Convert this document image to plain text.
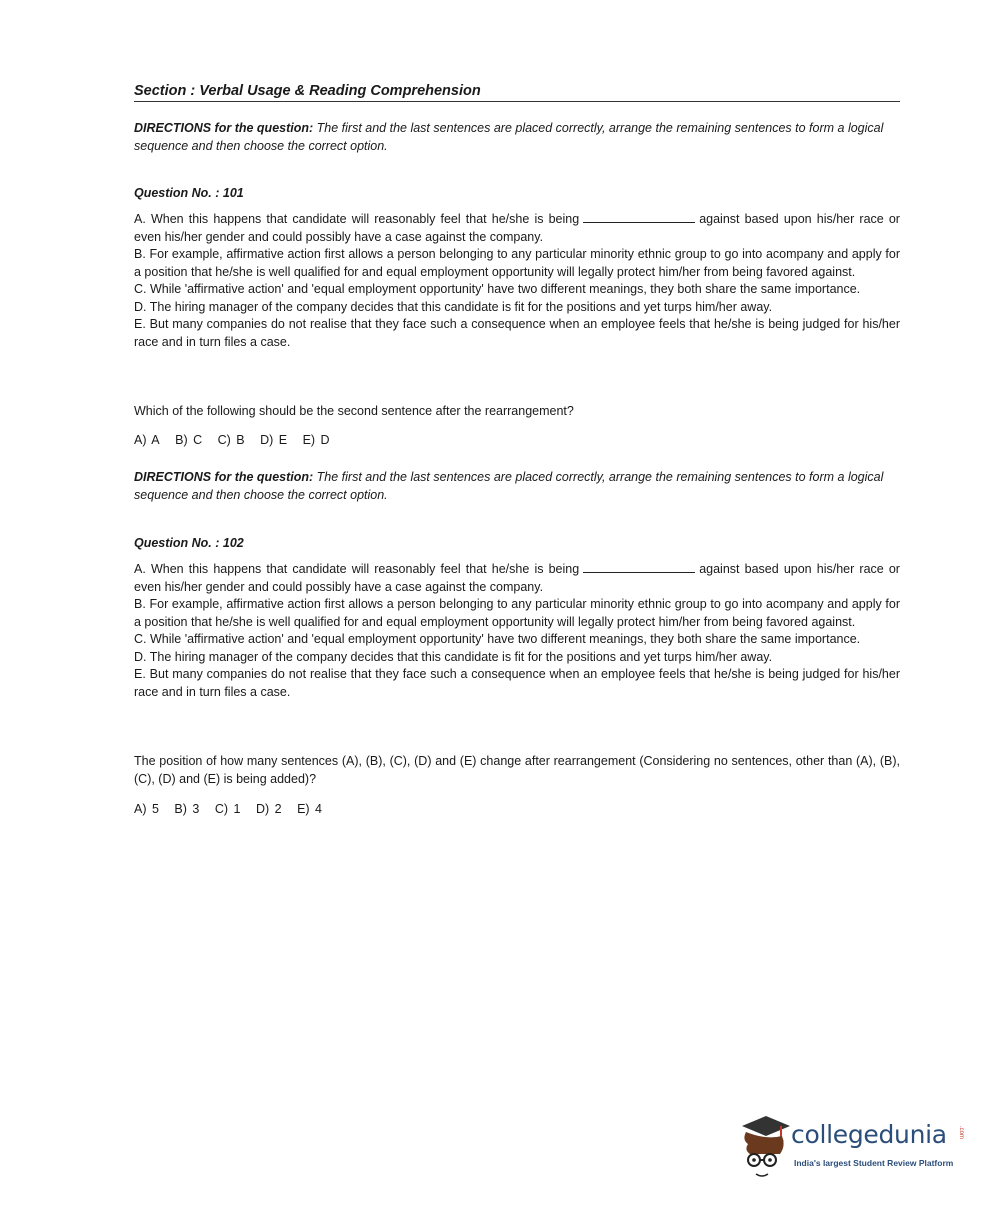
Section : Verbal Usage & Reading Comprehension
DIRECTIONS for the question: The first and the last sentences are placed correctly, arrange the remaining sentences to form a logical sequence and then choose the correct option.
Question No. : 101

A. When this happens that candidate will reasonably feel that he/she is being	against based upon his/her race or even his/her gender and could possibly have a case against the company.

B. For example, affirmative action first allows a person belonging to any particular minority ethnic group to go into acompany and apply for a position that he/she is well qualified for and equal employment opportunity will legally protect him/her from being favored against.

C. While 'affirmative action' and 'equal employment opportunity' have two different meanings, they both share the same importance.

D. The hiring manager of the company decides that this candidate is fit for the positions and yet turps him/her away.

E. But many companies do not realise that they face such a consequence when an employee feels that he/she is being judged for his/her race and in turn files a case.

Which of the following should be the second sentence after the rearrangement?
A) A B) C C) B D) E E) D
DIRECTIONS for the question: The first and the last sentences are placed correctly, arrange the remaining sentences to form a logical sequence and then choose the correct option.
Question No. : 102

A. When this happens that candidate will reasonably feel that he/she is being	against based upon his/her race or even his/her gender and could possibly have a case against the company.

B. For example, affirmative action first allows a person belonging to any particular minority ethnic group to go into acompany and apply for a position that he/she is well qualified for and equal employment opportunity will legally protect him/her from being favored against.

C. While 'affirmative action' and 'equal employment opportunity' have two different meanings, they both share the same importance.

D. The hiring manager of the company decides that this candidate is fit for the positions and yet turps him/her away.

E. But many companies do not realise that they face such a consequence when an employee feels that he/she is being judged for his/her race and in turn files a case.

The position of how many sentences (A), (B), (C), (D) and (E) change after rearrangement (Considering no sentences, other than (A), (B), (C), (D) and (E) is being added)?
A) 5 B) 3 C) 1 D) 2 E) 4
collegedunia .com
India's largest Student Review Platform
